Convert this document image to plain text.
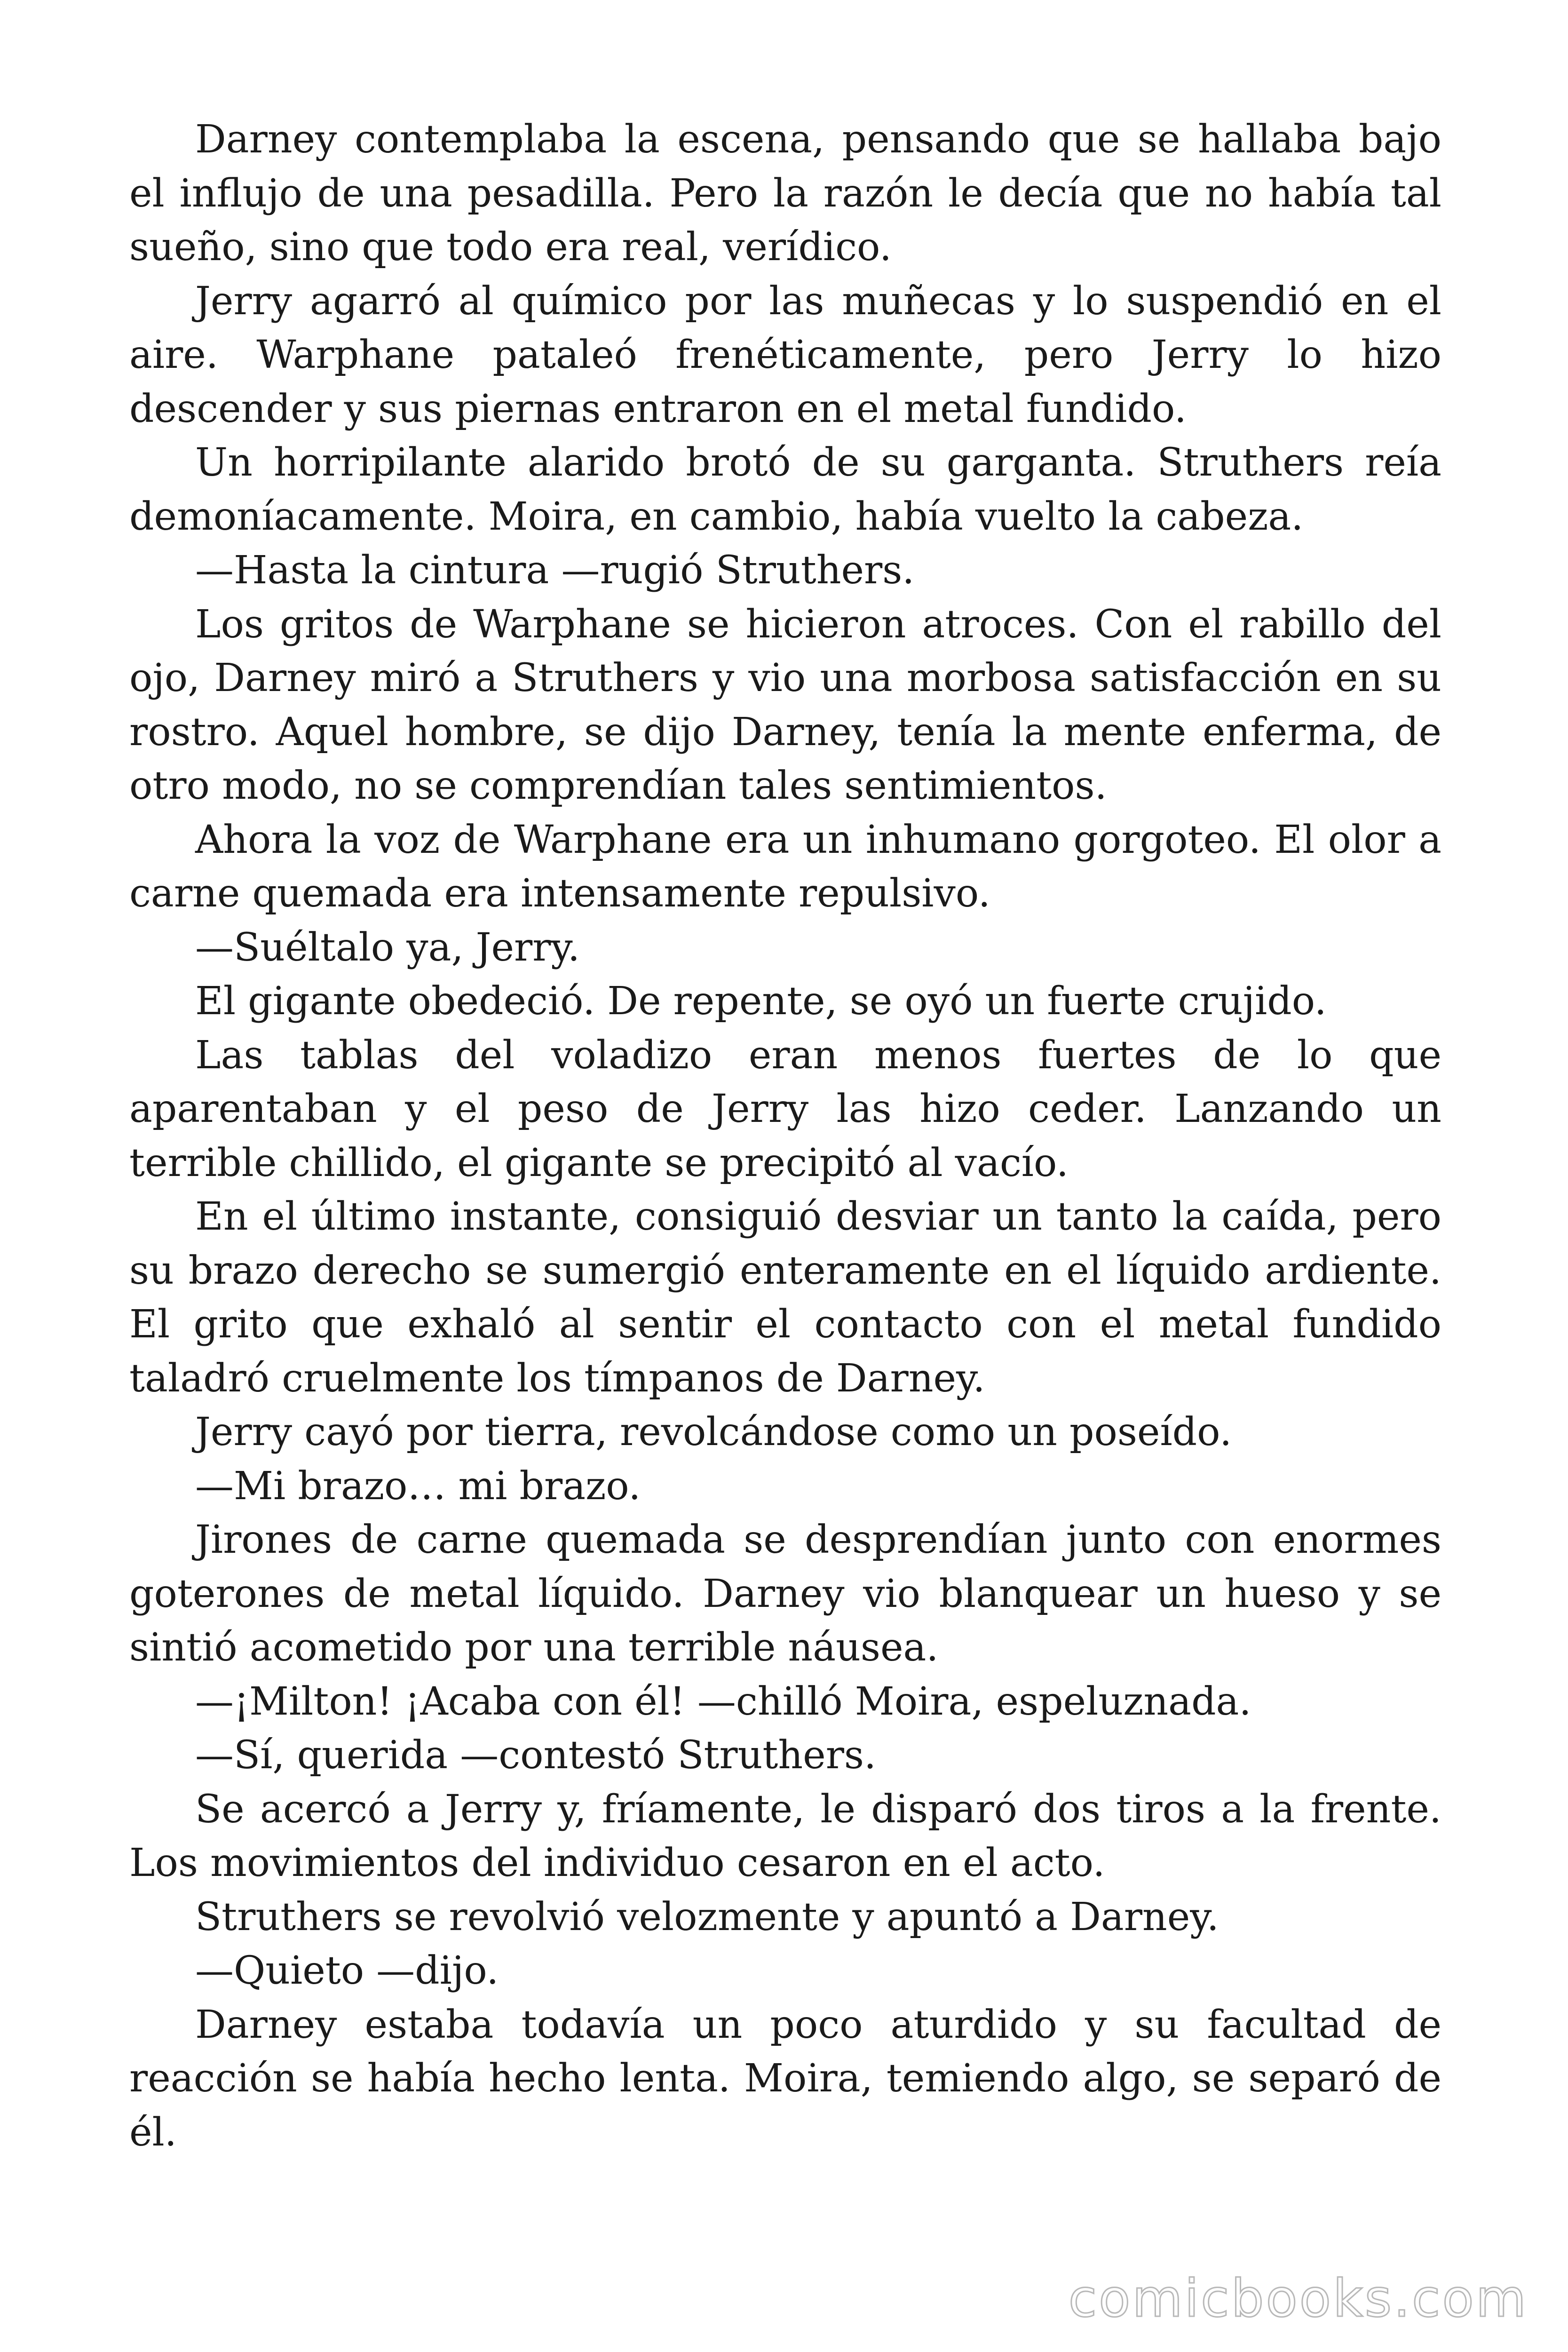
Darney contemplaba la escena, pensando que se hallaba bajo el influjo de una pesadilla. Pero la razón le decía que no había tal sueño, sino que todo era real, verídico.

Jerry agarró al químico por las muñecas y lo suspendió en el aire. Warphane pataleó frenéticamente, pero Jerry lo hizo descender y sus piernas entraron en el metal fundido.

Un horripilante alarido brotó de su garganta. Struthers reía demoníacamente. Moira, en cambio, había vuelto la cabeza.

—Hasta la cintura —rugió Struthers.

Los gritos de Warphane se hicieron atroces. Con el rabillo del ojo, Darney miró a Struthers y vio una morbosa satisfacción en su rostro. Aquel hombre, se dijo Darney, tenía la mente enferma, de otro modo, no se comprendían tales sentimientos.

Ahora la voz de Warphane era un inhumano gorgoteo. El olor a carne quemada era intensamente repulsivo.

—Suéltalo ya, Jerry.

El gigante obedeció. De repente, se oyó un fuerte crujido.

Las tablas del voladizo eran menos fuertes de lo que aparentaban y el peso de Jerry las hizo ceder. Lanzando un terrible chillido, el gigante se precipitó al vacío.

En el último instante, consiguió desviar un tanto la caída, pero su brazo derecho se sumergió enteramente en el líquido ardiente. El grito que exhaló al sentir el contacto con el metal fundido taladró cruelmente los tímpanos de Darney.

Jerry cayó por tierra, revolcándose como un poseído.

—Mi brazo… mi brazo.

Jirones de carne quemada se desprendían junto con enormes goterones de metal líquido. Darney vio blanquear un hueso y se sintió acometido por una terrible náusea.

—¡Milton! ¡Acaba con él! —chilló Moira, espeluznada.

—Sí, querida —contestó Struthers.

Se acercó a Jerry y, fríamente, le disparó dos tiros a la frente. Los movimientos del individuo cesaron en el acto.

Struthers se revolvió velozmente y apuntó a Darney.

—Quieto —dijo.

Darney estaba todavía un poco aturdido y su facultad de reacción se había hecho lenta. Moira, temiendo algo, se separó de él.

comicbooks.com
